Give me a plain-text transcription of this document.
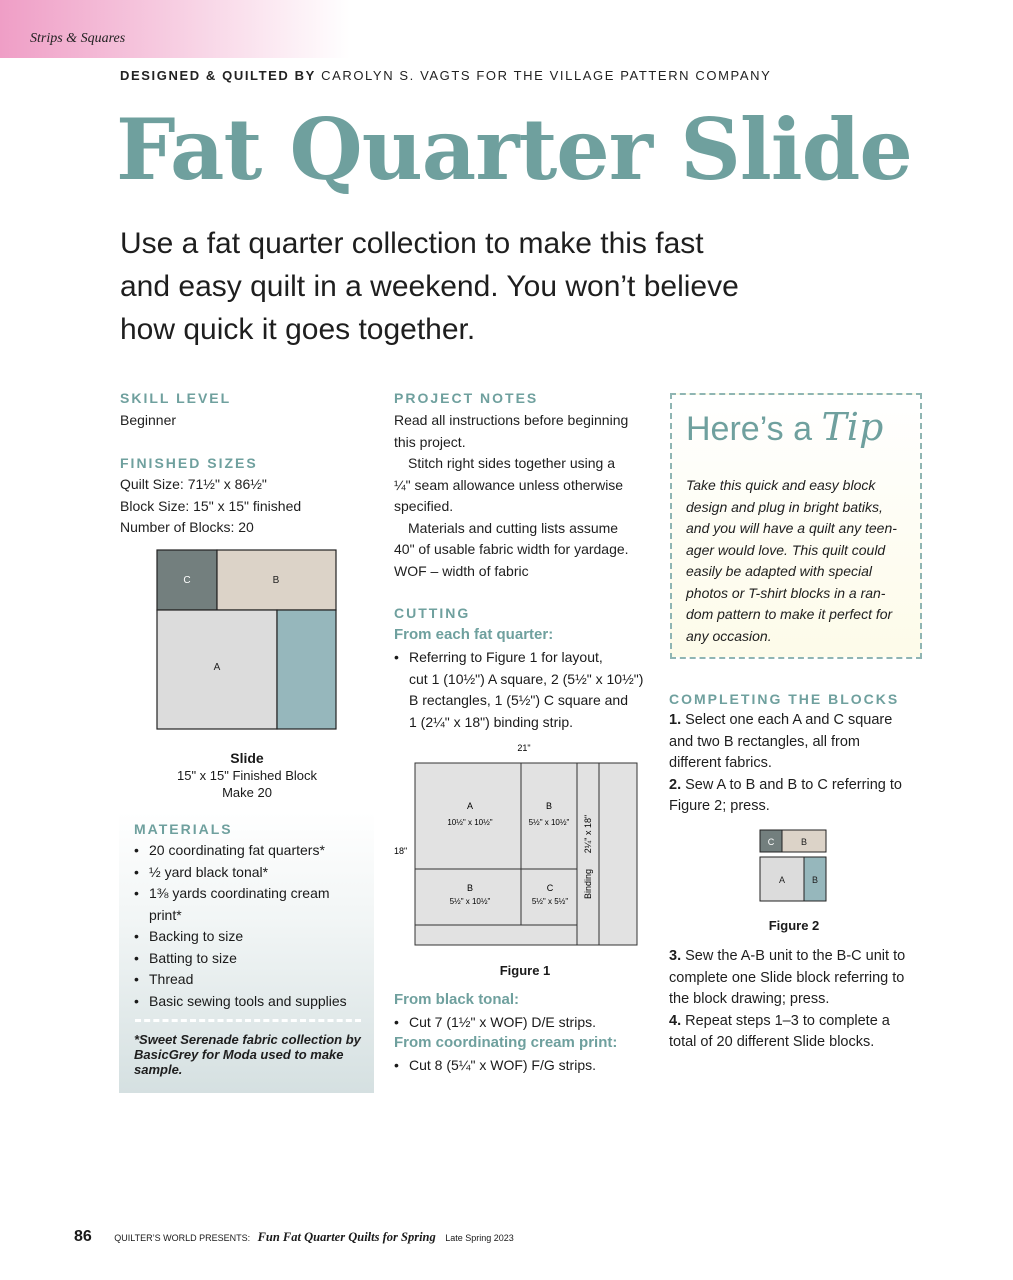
Strips & Squares
DESIGNED & QUILTED BY CAROLYN S. VAGTS FOR THE VILLAGE PATTERN COMPANY
Fat Quarter Slide
Use a fat quarter collection to make this fast
and easy quilt in a weekend. You won’t believe
how quick it goes together.
SKILL LEVEL
Beginner
FINISHED SIZES
Quilt Size: 71½" x 86½"
Block Size: 15" x 15" finished
Number of Blocks: 20
C	B
A
Slide
15" x 15" Finished Block
Make 20
MATERIALS
• 20 coordinating fat quarters*
• ½ yard black tonal*
• 1⅜ yards coordinating cream
print*
• Backing to size
• Batting to size
• Thread
• Basic sewing tools and supplies
*Sweet Serenade fabric collection by BasicGrey for Moda used to make sample.
PROJECT NOTES
Read all instructions before beginning
this project.
Stitch right sides together using a
¼" seam allowance unless otherwise
specified.
Materials and cutting lists assume
40" of usable fabric width for yardage.
WOF – width of fabric
CUTTING
From each fat quarter:
• Referring to Figure 1 for layout,
cut 1 (10½") A square, 2 (5½" x 10½")
B rectangles, 1 (5½") C square and
1 (2¼" x 18") binding strip.
21"
18"
A
10½" x 10½"
B
5½" x 10½"
B
5½" x 10½"
C
5½" x 5½"
2¼" x 18"
Binding
Figure 1
From black tonal:
• Cut 7 (1½" x WOF) D/E strips.
From coordinating cream print:
• Cut 8 (5¼" x WOF) F/G strips.
Here’s a Tip
Take this quick and easy block
design and plug in bright batiks,
and you will have a quilt any teen-
ager would love. This quilt could
easily be adapted with special
photos or T-shirt blocks in a ran-
dom pattern to make it perfect for
any occasion.
COMPLETING THE BLOCKS
1. Select one each A and C square
and two B rectangles, all from
different fabrics.
2. Sew A to B and B to C referring to
Figure 2; press.
C	B
A	B
Figure 2
3. Sew the A-B unit to the B-C unit to
complete one Slide block referring to
the block drawing; press.
4. Repeat steps 1–3 to complete a
total of 20 different Slide blocks.
86 QUILTER’S WORLD PRESENTS: Fun Fat Quarter Quilts for Spring Late Spring 2023
